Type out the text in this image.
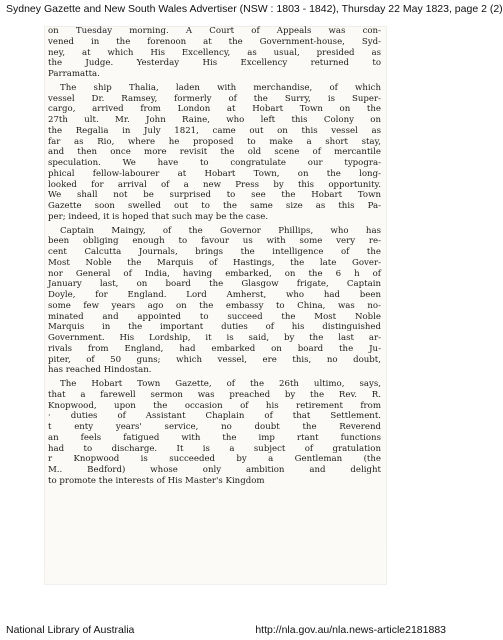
Sydney Gazette and New South Wales Advertiser (NSW : 1803 - 1842), Thursday 22 May 1823, page 2 (2)
on Tuesday morning. A Court of Appeals was con-
vened in the forenoon at the Government-house, Syd-
ney, at which His Excellency, as usual, presided as
the Judge. Yesterday His Excellency returned to
Parramatta.
The ship Thalia, laden with merchandise, of which
vessel Dr. Ramsey, formerly of the Surry, is Super-
cargo, arrived from London at Hobart Town on the
27th ult. Mr. John Raine, who left this Colony on
the Regalia in July 1821, came out on this vessel as
far as Rio, where he proposed to make a short stay,
and then once more revisit the old scene of mercantile
speculation. We have to congratulate our typogra-
phical fellow-labourer at Hobart Town, on the long-
looked for arrival of a new Press by this opportunity.
We shall not be surprised to see the Hobart Town
Gazette soon swelled out to the same size as this Pa-
per; indeed, it is hoped that such may be the case.
Captain Maingy, of the Governor Phillips, who has
been obliging enough to favour us with some very re-
cent Calcutta Journals, brings the intelligence of the
Most Noble the Marquis of Hastings, the late Gover-
nor General of India, having embarked, on the 6 h of
January last, on board the Glasgow frigate, Captain
Doyle, for England. Lord Amherst, who had been
some few years ago on the embassy to China, was no-
minated and appointed to succeed the Most Noble
Marquis in the important duties of his distinguished
Government. His Lordship, it is said, by the last ar-
rivals from England, had embarked on board the Ju-
piter, of 50 guns; which vessel, ere this, no doubt,
has reached Hindostan.
The Hobart Town Gazette, of the 26th ultimo, says,
that a farewell sermon was preached by the Rev. R.
Knopwood, upon the occasion of his retirement from
· duties of Assistant Chaplain of that Settlement.
t enty years' service, no doubt the Reverend
an feels fatigued with the imp rtant functions
had to discharge. It is a subject of gratulation
r Knopwood is succeeded by a Gentleman (the
M.. Bedford) whose only ambition and delight
to promote the interests of His Master's Kingdom
National Library of Australia	http://nla.gov.au/nla.news-article2181883
